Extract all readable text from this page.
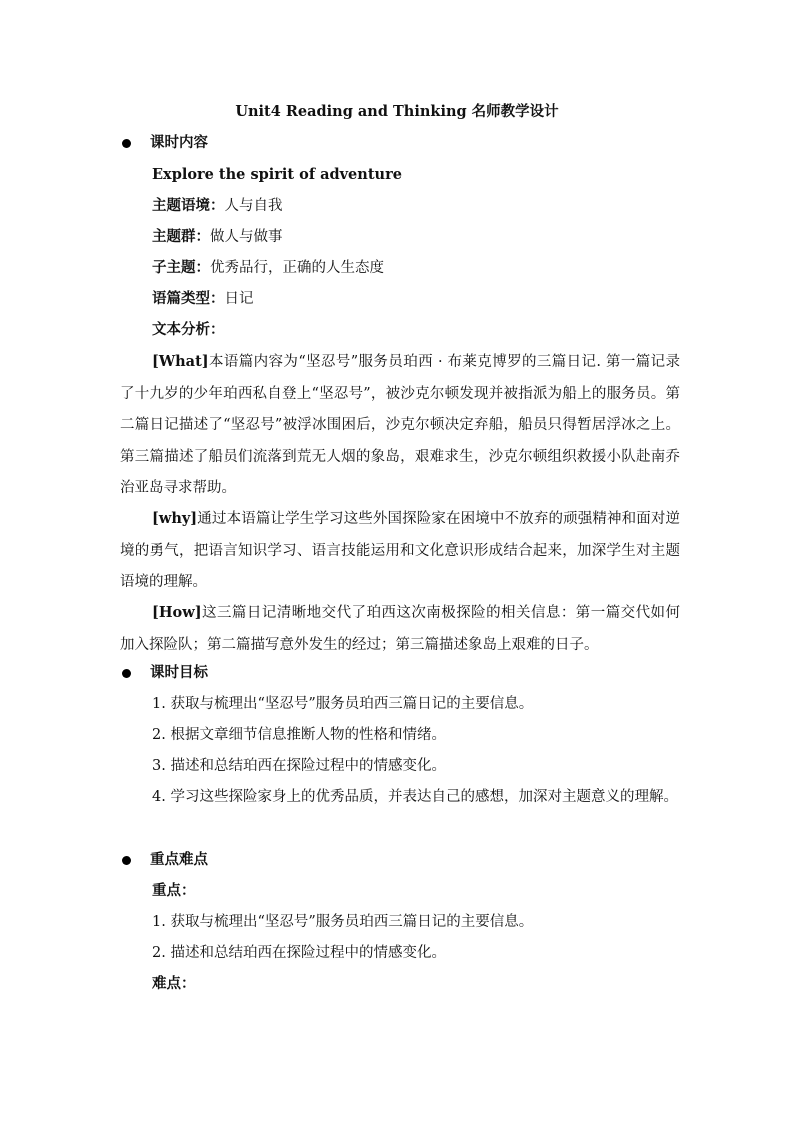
Unit4 Reading and Thinking 名师教学设计
课时内容
Explore the spirit of adventure
主题语境：人与自我
主题群：做人与做事
子主题：优秀品行，正确的人生态度
语篇类型：日记
文本分析：
[What]本语篇内容为“坚忍号”服务员珀西 · 布莱克博罗的三篇日记. 第一篇记录了十九岁的少年珀西私自登上“坚忍号”，被沙克尔顿发现并被指派为船上的服务员。第二篇日记描述了“坚忍号”被浮冰围困后，沙克尔顿决定弃船，船员只得暂居浮冰之上。第三篇描述了船员们流落到荒无人烟的象岛，艰难求生，沙克尔顿组织救援小队赴南乔治亚岛寻求帮助。
[why]通过本语篇让学生学习这些外国探险家在困境中不放弃的顽强精神和面对逆境的勇气，把语言知识学习、语言技能运用和文化意识形成结合起来，加深学生对主题语境的理解。
[How]这三篇日记清晰地交代了珀西这次南极探险的相关信息：第一篇交代如何加入探险队；第二篇描写意外发生的经过；第三篇描述象岛上艰难的日子。
课时目标
1. 获取与梳理出“坚忍号”服务员珀西三篇日记的主要信息。
2. 根据文章细节信息推断人物的性格和情绪。
3. 描述和总结珀西在探险过程中的情感变化。
4. 学习这些探险家身上的优秀品质，并表达自己的感想，加深对主题意义的理解。
重点难点
重点：
1. 获取与梳理出“坚忍号”服务员珀西三篇日记的主要信息。
2. 描述和总结珀西在探险过程中的情感变化。
难点：
